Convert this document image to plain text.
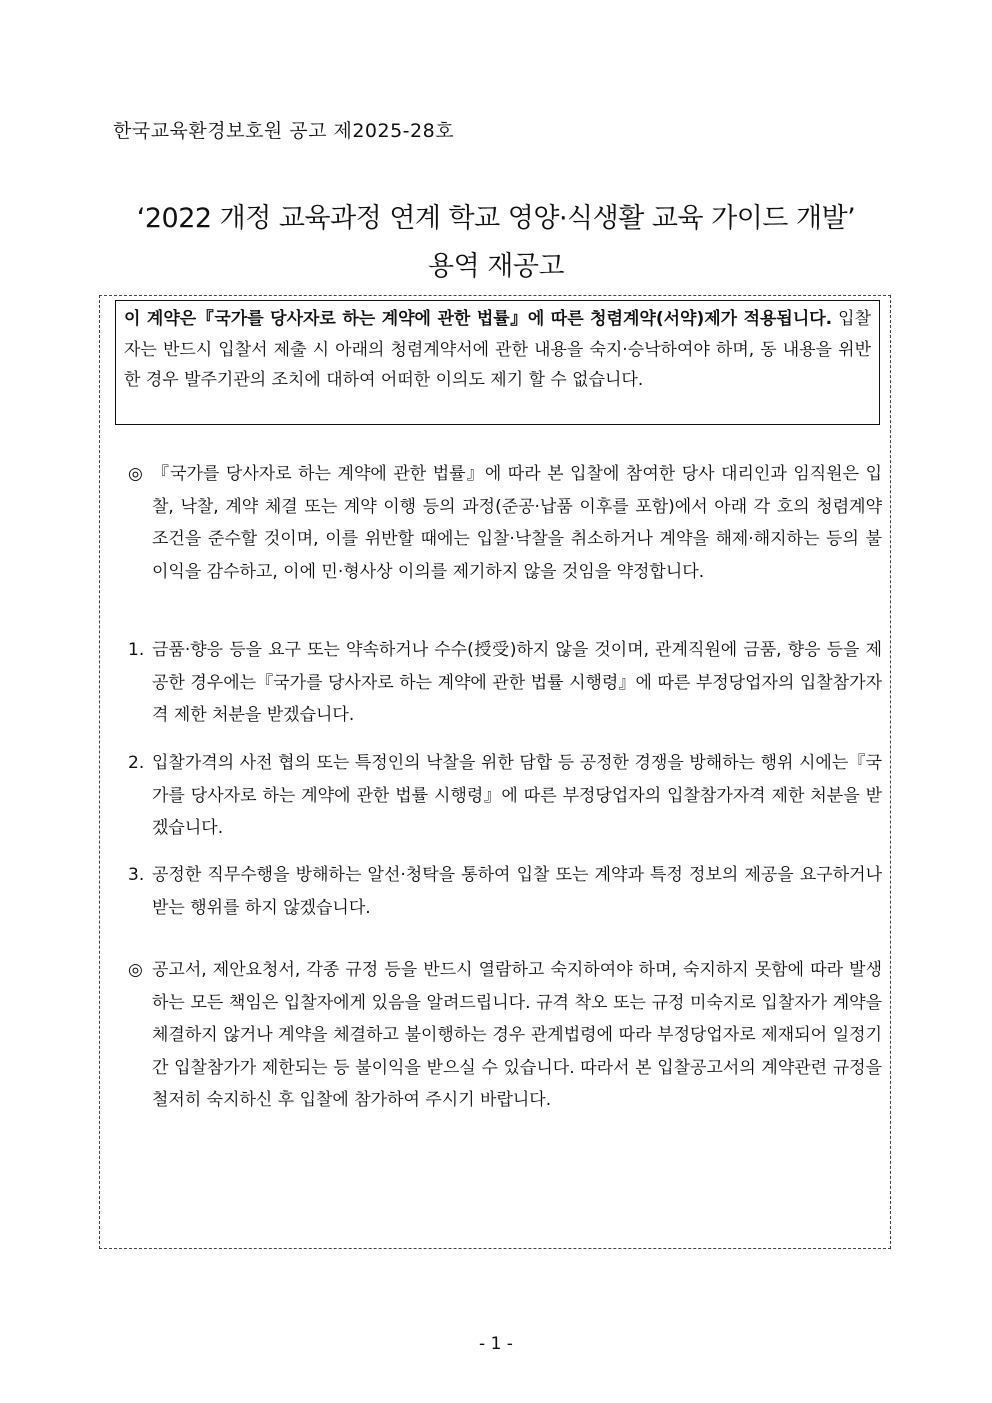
한국교육환경보호원 공고 제2025-28호
‘2022 개정 교육과정 연계 학교 영양·식생활 교육 가이드 개발’
용역 재공고
이 계약은『국가를 당사자로 하는 계약에 관한 법률』에 따른 청렴계약(서약)제가 적용됩니다. 입찰자는 반드시 입찰서 제출 시 아래의 청렴계약서에 관한 내용을 숙지·승낙하여야 하며, 동 내용을 위반한 경우 발주기관의 조치에 대하여 어떠한 이의도 제기 할 수 없습니다.
◎ 『국가를 당사자로 하는 계약에 관한 법률』에 따라 본 입찰에 참여한 당사 대리인과 임직원은 입찰, 낙찰, 계약 체결 또는 계약 이행 등의 과정(준공·납품 이후를 포함)에서 아래 각 호의 청렴계약 조건을 준수할 것이며, 이를 위반할 때에는 입찰·낙찰을 취소하거나 계약을 해제·해지하는 등의 불이익을 감수하고, 이에 민·형사상 이의를 제기하지 않을 것임을 약정합니다.
1. 금품·향응 등을 요구 또는 약속하거나 수수(授受)하지 않을 것이며, 관계직원에 금품, 향응 등을 제공한 경우에는『국가를 당사자로 하는 계약에 관한 법률 시행령』에 따른 부정당업자의 입찰참가자격 제한 처분을 받겠습니다.
2. 입찰가격의 사전 협의 또는 특정인의 낙찰을 위한 담합 등 공정한 경쟁을 방해하는 행위 시에는『국가를 당사자로 하는 계약에 관한 법률 시행령』에 따른 부정당업자의 입찰참가자격 제한 처분을 받겠습니다.
3. 공정한 직무수행을 방해하는 알선·청탁을 통하여 입찰 또는 계약과 특정 정보의 제공을 요구하거나 받는 행위를 하지 않겠습니다.
◎ 공고서, 제안요청서, 각종 규정 등을 반드시 열람하고 숙지하여야 하며, 숙지하지 못함에 따라 발생하는 모든 책임은 입찰자에게 있음을 알려드립니다. 규격 착오 또는 규정 미숙지로 입찰자가 계약을 체결하지 않거나 계약을 체결하고 불이행하는 경우 관계법령에 따라 부정당업자로 제재되어 일정기간 입찰참가가 제한되는 등 불이익을 받으실 수 있습니다. 따라서 본 입찰공고서의 계약관련 규정을 철저히 숙지하신 후 입찰에 참가하여 주시기 바랍니다.
- 1 -
